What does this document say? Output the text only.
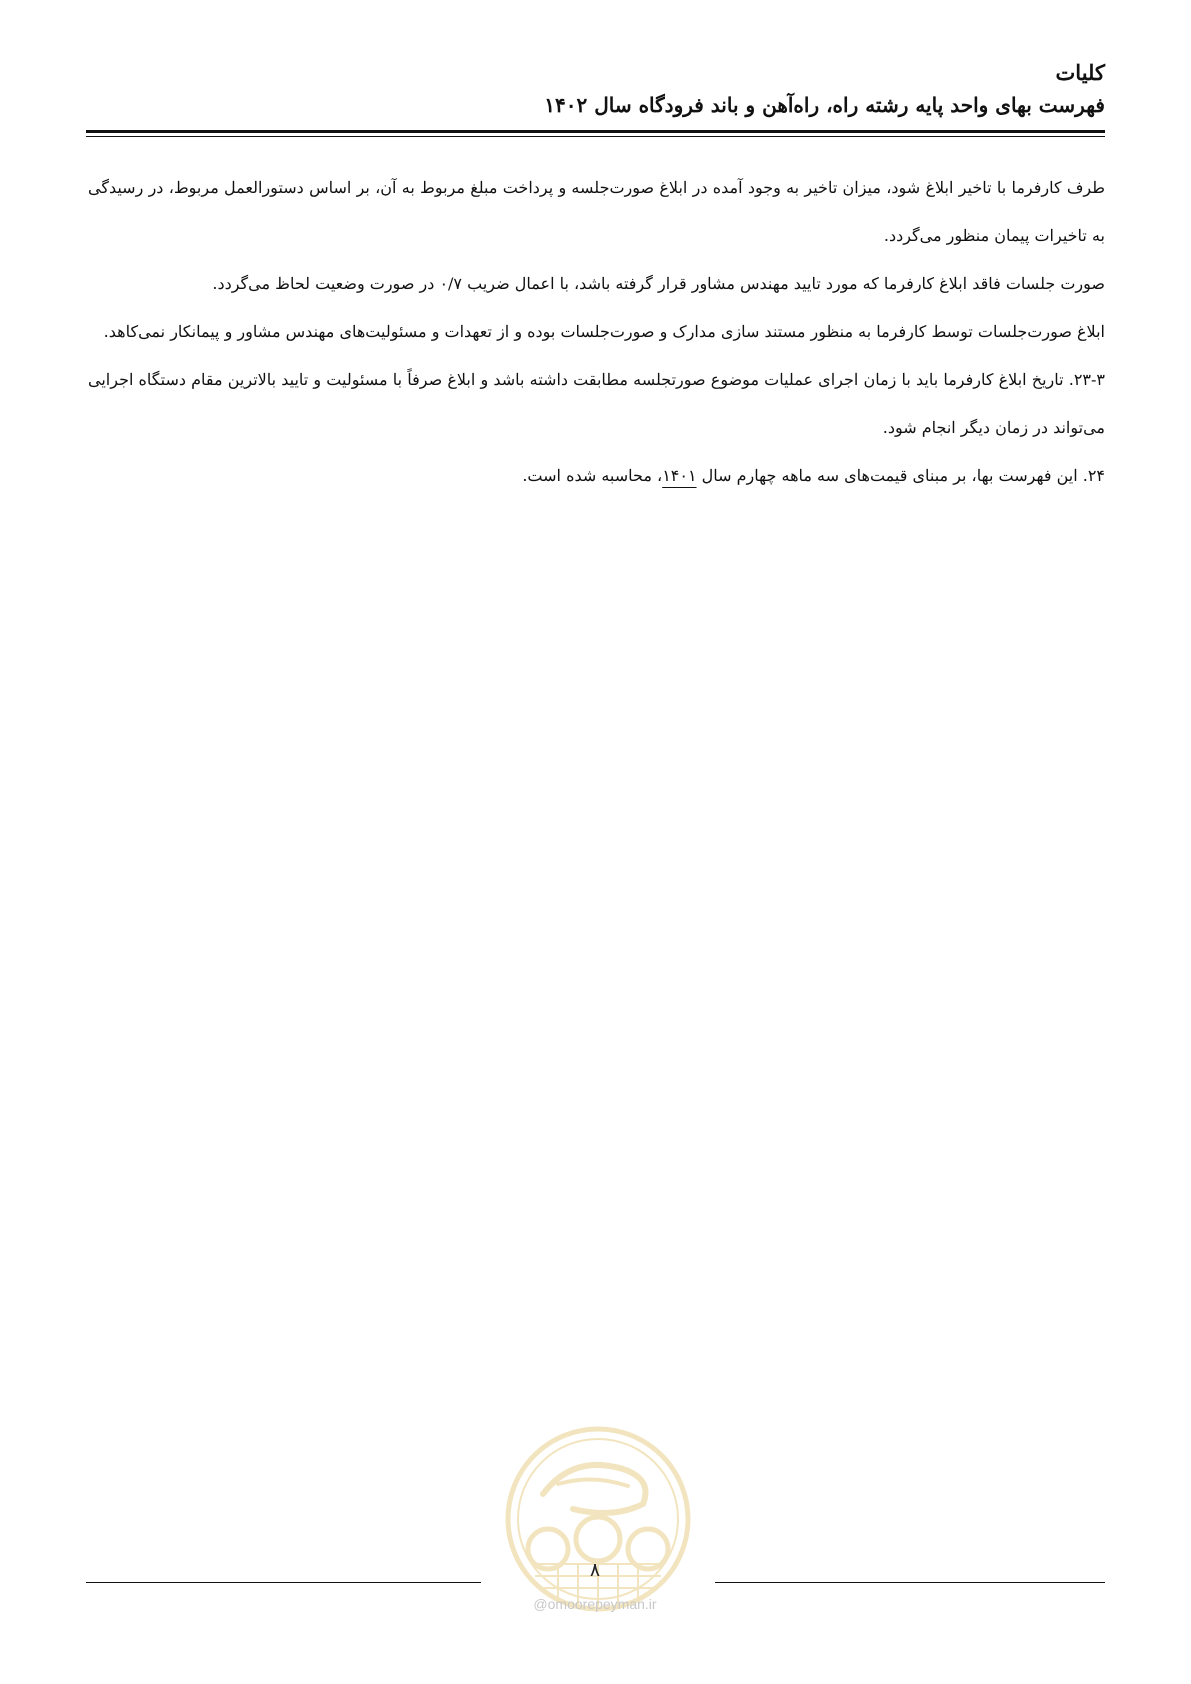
کلیات
فهرست بهای واحد پایه رشته راه، راه‌آهن و باند فرودگاه سال ۱۴۰۲

طرف کارفرما با تاخیر ابلاغ شود، میزان تاخیر به وجود آمده در ابلاغ صورت‌جلسه و پرداخت مبلغ مربوط به آن، بر اساس دستورالعمل مربوط، در رسیدگی به تاخیرات پیمان منظور می‌گردد.

صورت جلسات فاقد ابلاغ کارفرما که مورد تایید مهندس مشاور قرار گرفته باشد، با اعمال ضریب ۰/۷ در صورت وضعیت لحاظ می‌گردد.

ابلاغ صورت‌جلسات توسط کارفرما به منظور مستند سازی مدارک و صورت‌جلسات بوده و از تعهدات و مسئولیت‌های مهندس مشاور و پیمانکار نمی‌کاهد.

۲۳-۳. تاریخ ابلاغ کارفرما باید با زمان اجرای عملیات موضوع صورتجلسه مطابقت داشته باشد و ابلاغ صرفاً با مسئولیت و تایید بالاترین مقام دستگاه اجرایی می‌تواند در زمان دیگر انجام شود.

۲۴. این فهرست بها، بر مبنای قیمت‌های سه ماهه چهارم سال ۱۴۰۱، محاسبه شده است.

۸
@omoorepeyman.ir
